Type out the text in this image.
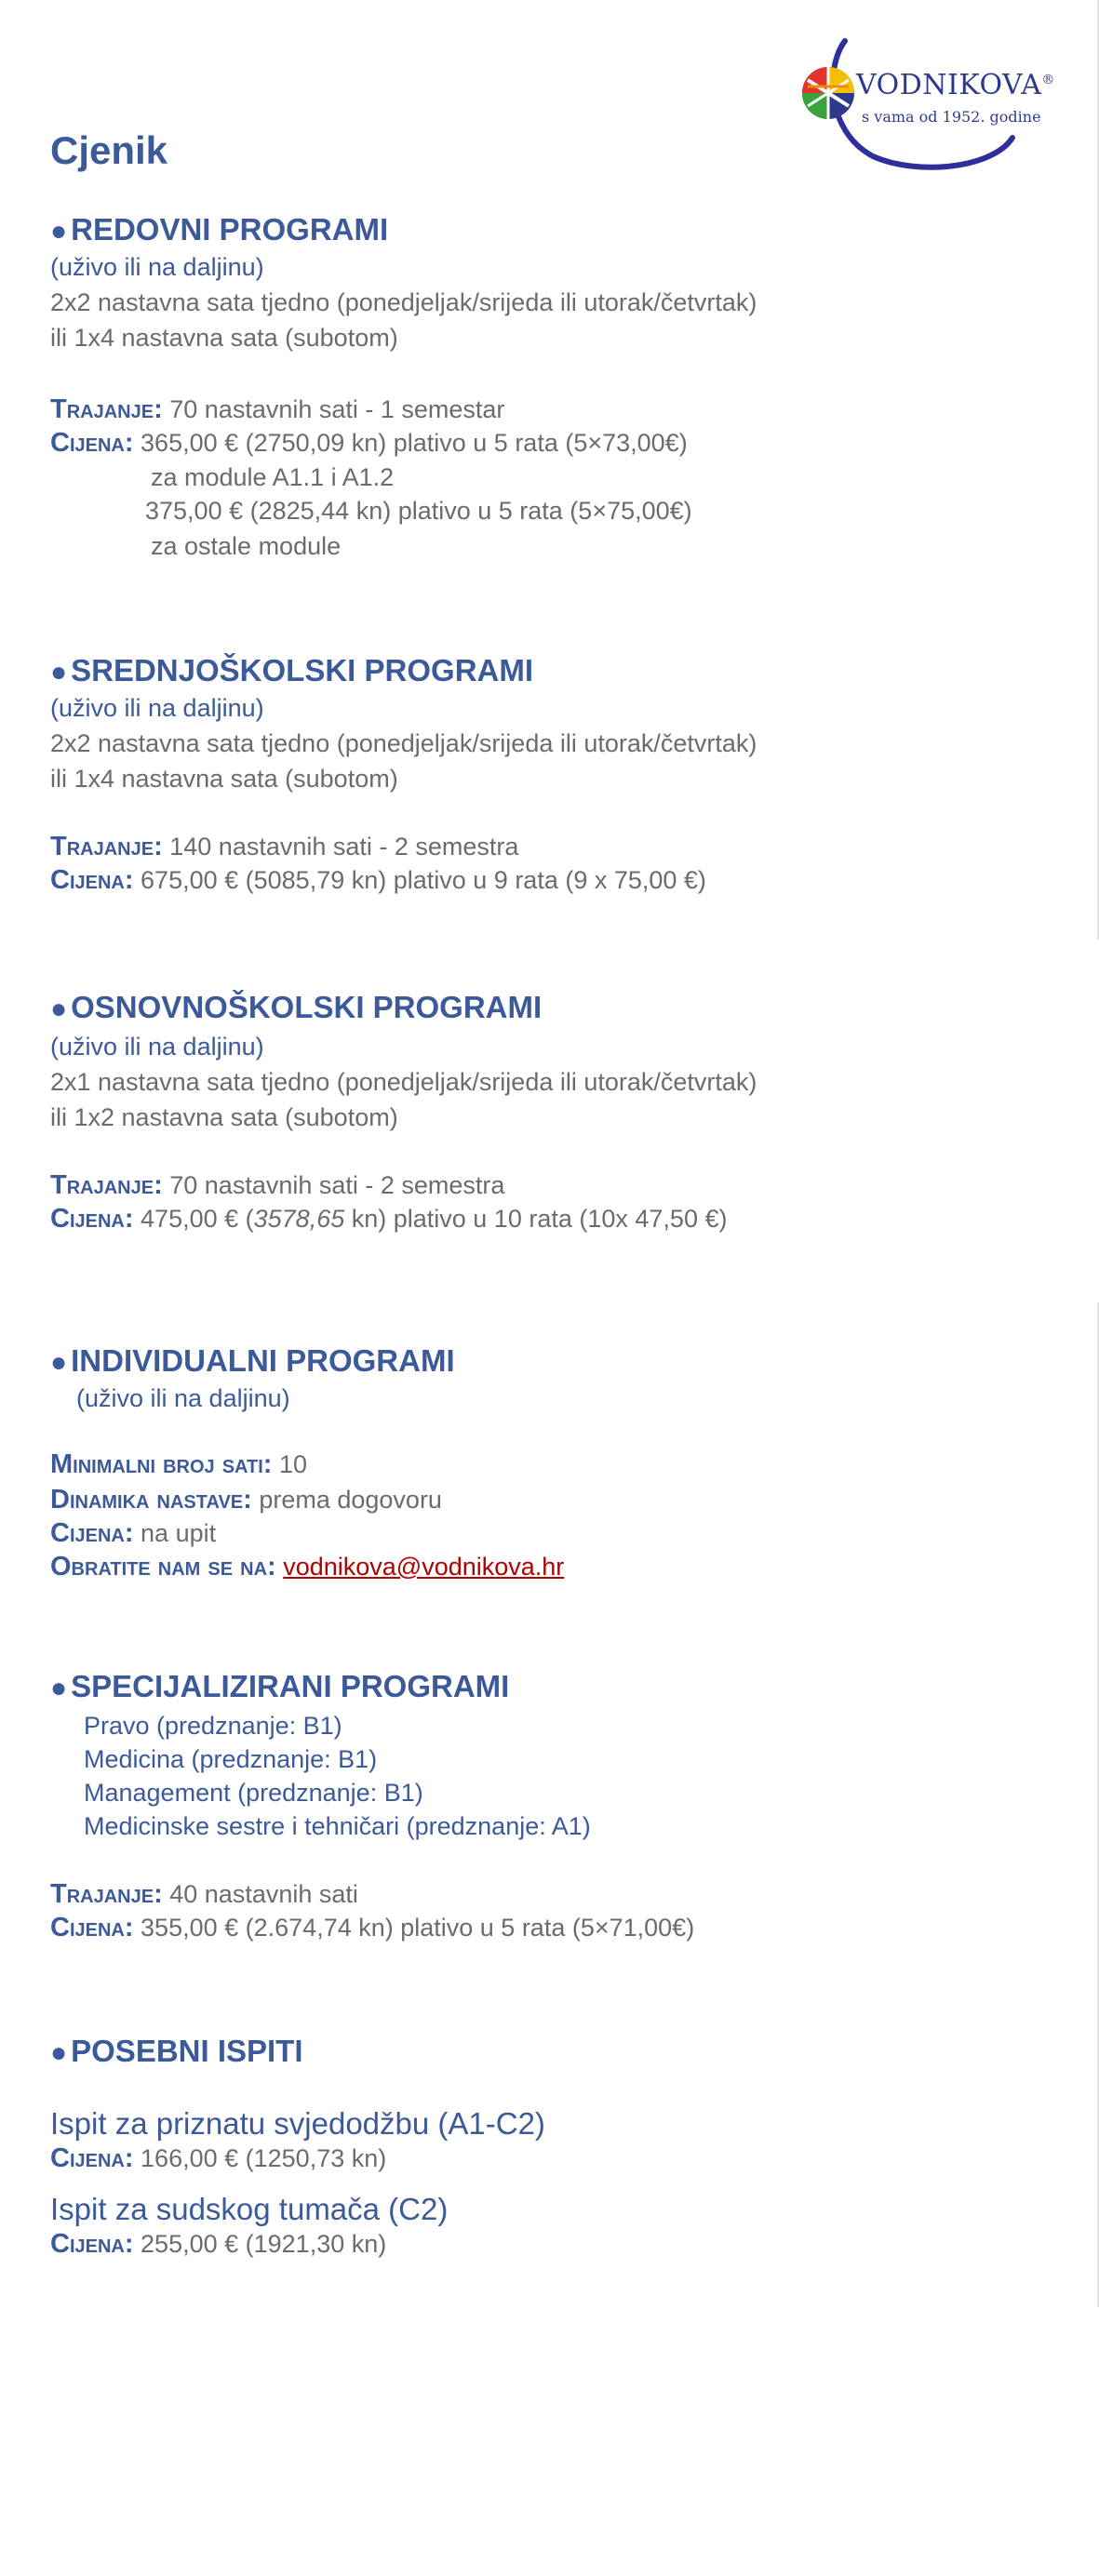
VODNIKOVA®
s vama od 1952. godine
Cjenik
● REDOVNI PROGRAMI
(uživo ili na daljinu)
2x2 nastavna sata tjedno (ponedjeljak/srijeda ili utorak/četvrtak)
ili 1x4 nastavna sata (subotom)
Trajanje: 70 nastavnih sati - 1 semestar
Cijena: 365,00 € (2750,09 kn) plativo u 5 rata (5×73,00€)
za module A1.1 i A1.2
375,00 € (2825,44 kn) plativo u 5 rata (5×75,00€)
za ostale module
● SREDNJOŠKOLSKI PROGRAMI
(uživo ili na daljinu)
2x2 nastavna sata tjedno (ponedjeljak/srijeda ili utorak/četvrtak)
ili 1x4 nastavna sata (subotom)
Trajanje: 140 nastavnih sati - 2 semestra
Cijena: 675,00 € (5085,79 kn) plativo u 9 rata (9 x 75,00 €)
● OSNOVNOŠKOLSKI PROGRAMI
(uživo ili na daljinu)
2x1 nastavna sata tjedno (ponedjeljak/srijeda ili utorak/četvrtak)
ili 1x2 nastavna sata (subotom)
Trajanje: 70 nastavnih sati - 2 semestra
Cijena: 475,00 € (3578,65 kn) plativo u 10 rata (10x 47,50 €)
● INDIVIDUALNI PROGRAMI
(uživo ili na daljinu)
Minimalni broj sati: 10
Dinamika nastave: prema dogovoru
Cijena: na upit
Obratite nam se na: vodnikova@vodnikova.hr
● SPECIJALIZIRANI PROGRAMI
Pravo (predznanje: B1)
Medicina (predznanje: B1)
Management (predznanje: B1)
Medicinske sestre i tehničari (predznanje: A1)
Trajanje: 40 nastavnih sati
Cijena: 355,00 € (2.674,74 kn) plativo u 5 rata (5×71,00€)
● POSEBNI ISPITI
Ispit za priznatu svjedodžbu (A1-C2)
Cijena: 166,00 € (1250,73 kn)
Ispit za sudskog tumača (C2)
Cijena: 255,00 € (1921,30 kn)
